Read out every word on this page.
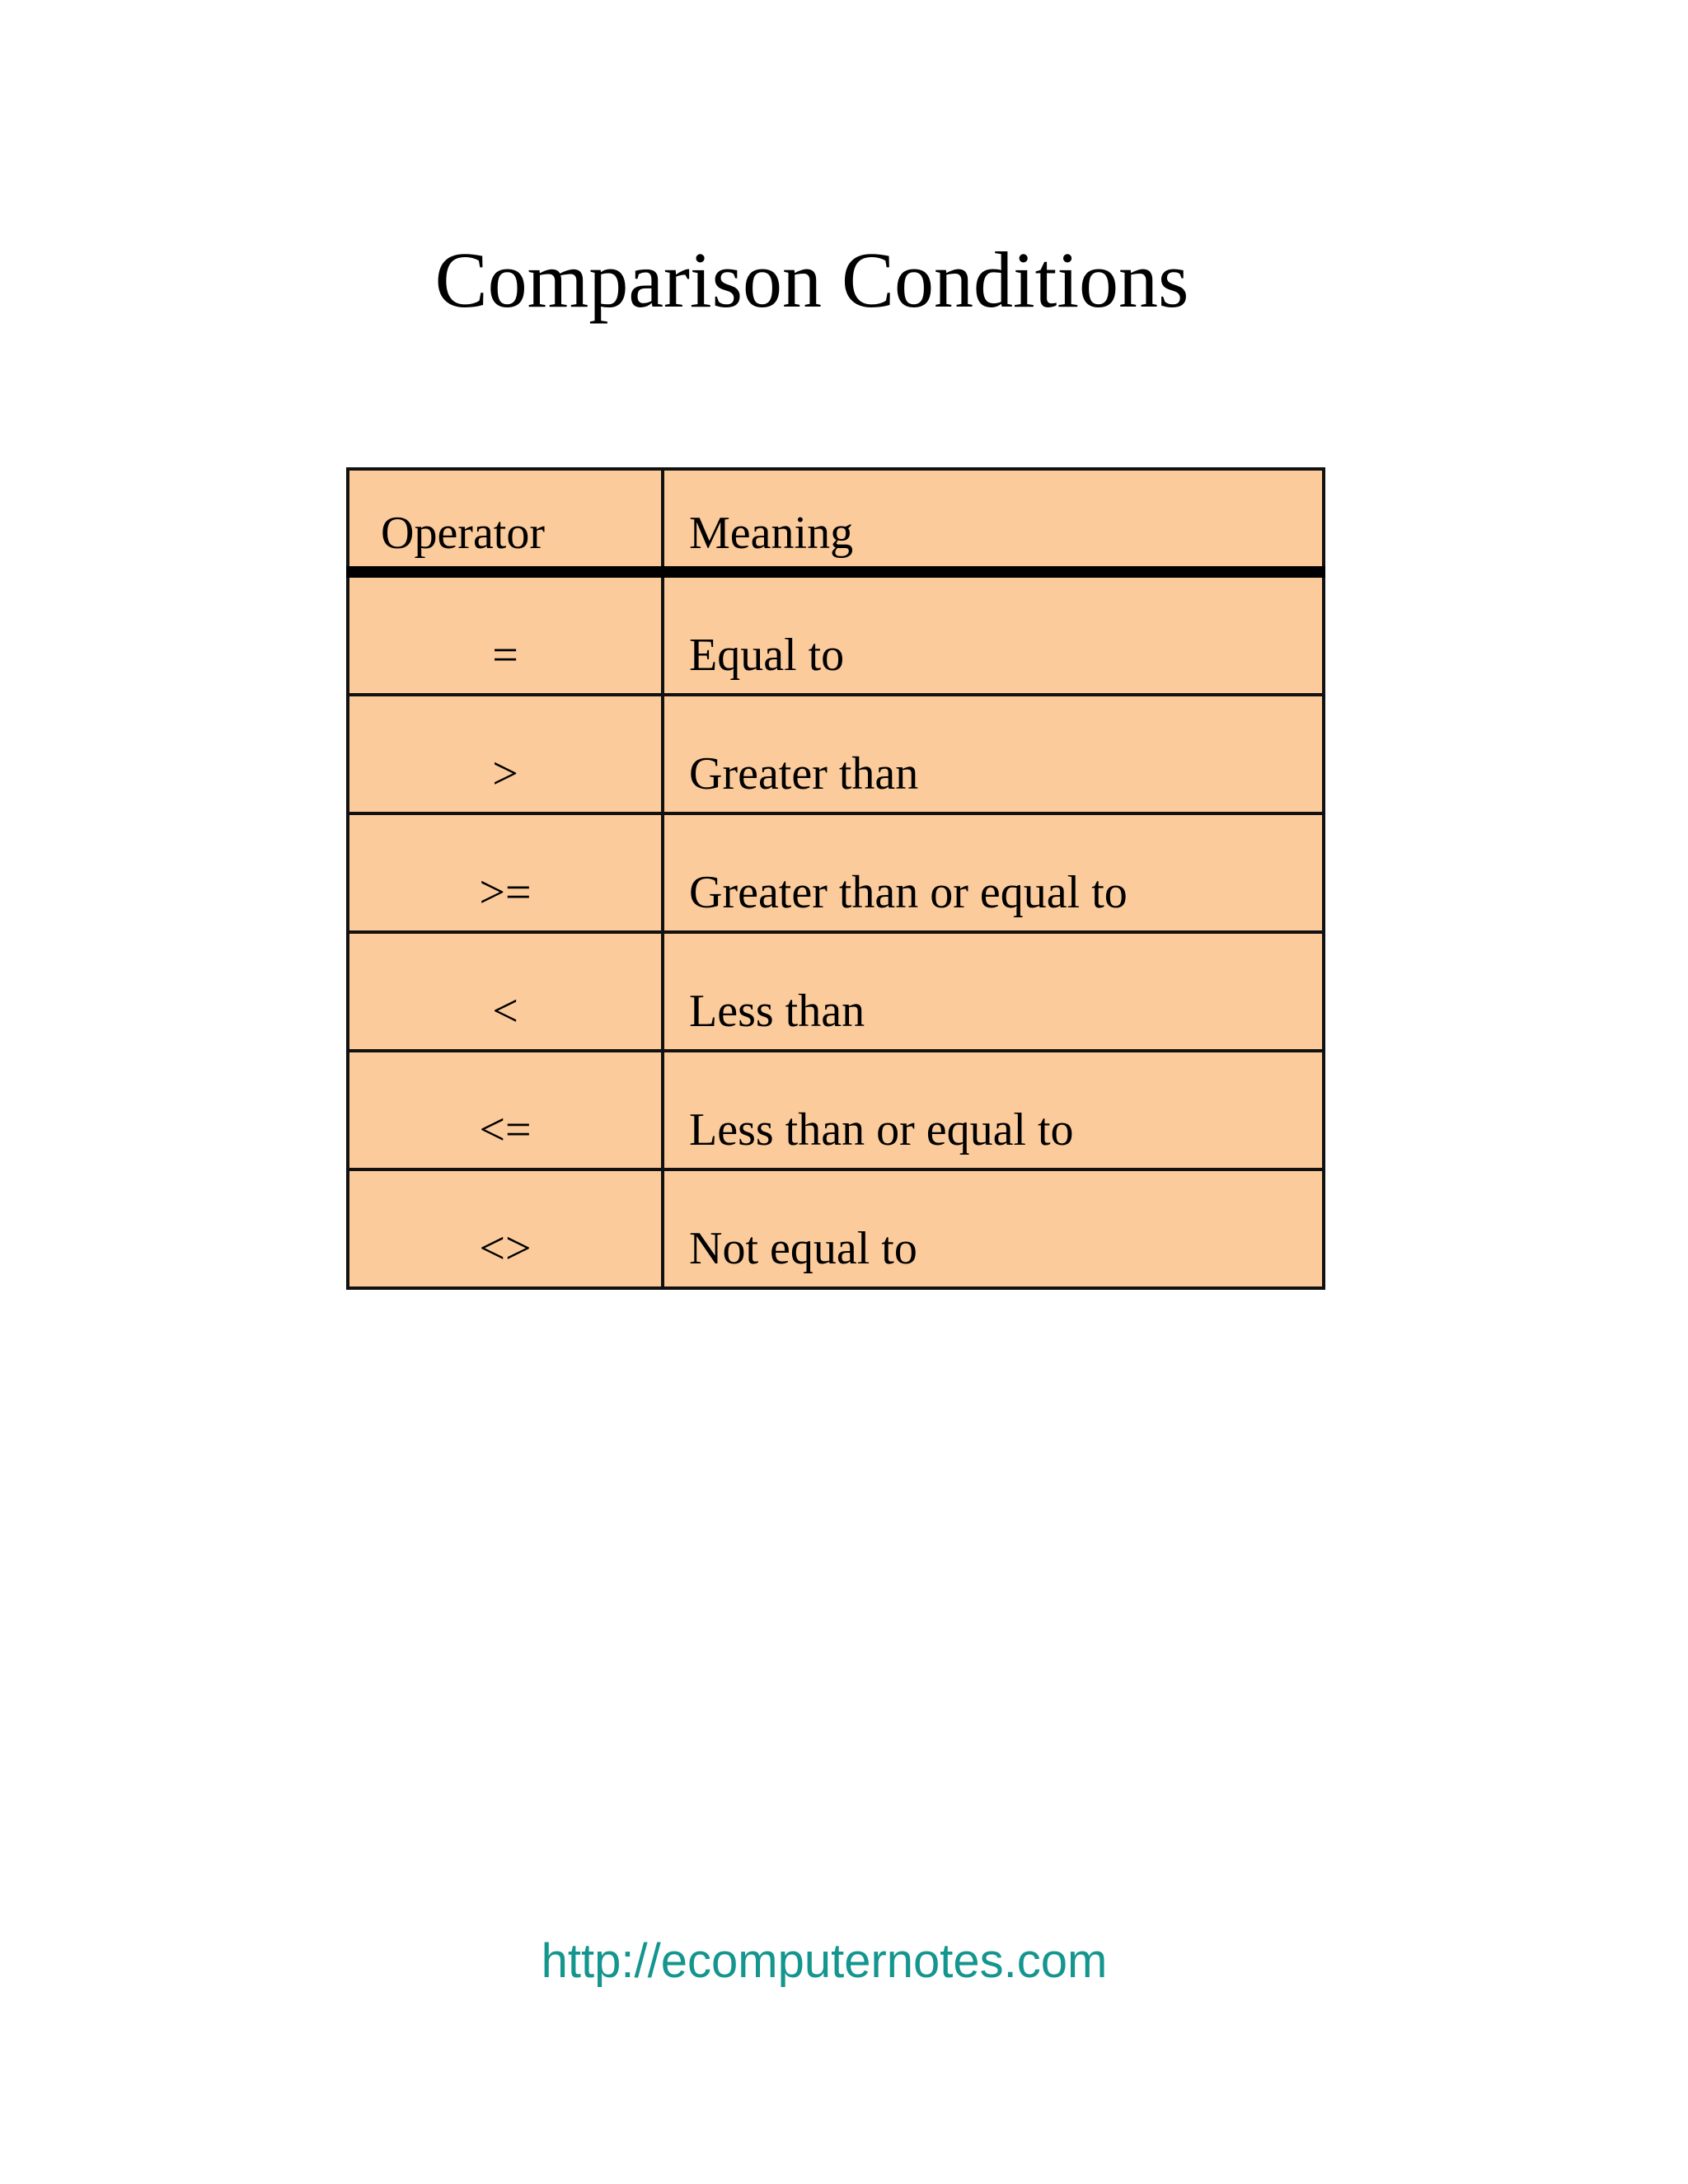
Comparison Conditions
Operator	Meaning
=	Equal to
>	Greater than
>=	Greater than or equal to
<	Less than
<=	Less than or equal to
<>	Not equal to
http://ecomputernotes.com
